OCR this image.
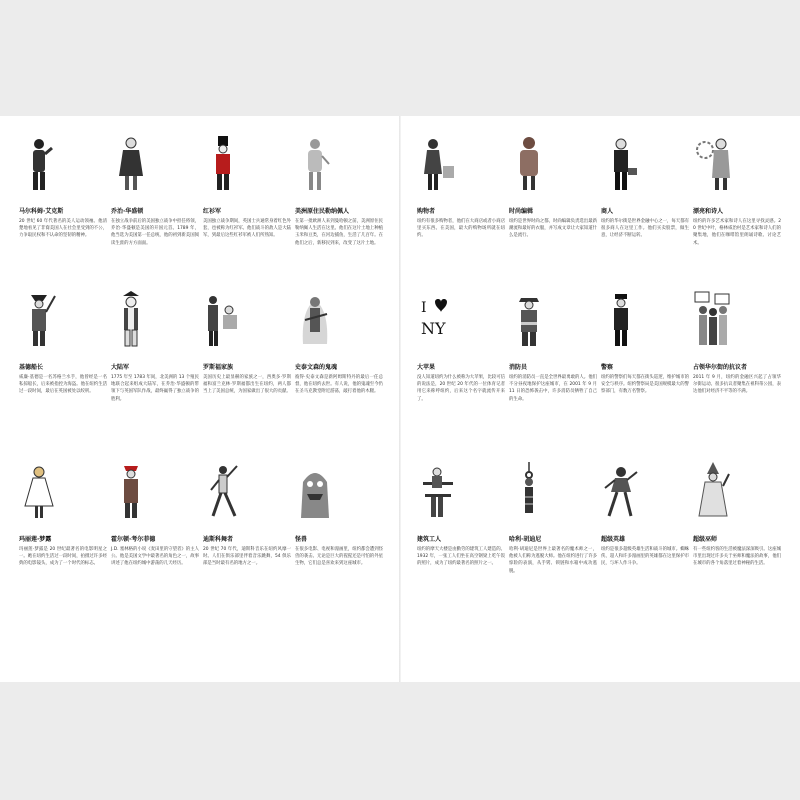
马尔科姆·艾克斯
20 世纪 60 年代著名的美人运动领袖。他清楚地看见了非裔美国人在社会里受到的不公，力争取民权和不认命的坚韧的精神。
乔治·华盛顿
在独立战争前后的美国独立战争中担任将领，乔治·华盛顿是美国的开国元首。1789 年，他当选为美国第一任总统，他的初到新美国阅读生涯的方方面面。
红衫军
美国独立战争期间，英国士兵通常身着红色外套，也被称为红衫军。他们战斗的敌人是大陆军，到最后这些红衫军被人们所熟知。
美洲原住民勒纳佩人
在第一批欧洲人来到曼哈顿之前，美洲原住民勒纳佩人生活在这里。他们在这片土地上种植玉米和豆类，在河边捕鱼，生活了几百年。在他们之后，新移民到来，改变了这片土地。
购物者
纽约有很多购物者，他们在大商店或者小商店里买东西。在美国，最大的购物场所就在纽约。
时尚编辑
纽约是世界时尚之都，时尚编辑负责选出最新潮流和最好的衣服，并写成文章让大家知道什么是流行。
商人
纽约的华尔街是世界金融中心之一，每天都有很多商人在这里工作。他们买卖股票，做生意，让经济不断运转。
漂亮和诗人
纽约的许多艺术家和诗人在这里寻找灵感。20 世纪中叶，格林威治村是艺术家和诗人们的聚集地，他们在咖啡馆里朗诵诗歌、讨论艺术。
基德船长
威廉·基德是一名苏格兰水手，他曾经是一名私掠船长，后来被指控为海盗。他在纽约生活过一段时间，最后在英国被处以绞刑。
大陆军
1775 年至 1783 年间，北美洲的 13 个殖民地联合起来组成大陆军，在乔治·华盛顿的带领下与英国军队作战，最终赢得了独立战争的胜利。
罗斯福家族
美国历史上最显赫的家族之一，西奥多·罗斯福和富兰克林·罗斯福都出生在纽约，两人都当上了美国总统，为国家做出了很大的贡献。
史泰文森的鬼魂
彼得·史泰文森是新阿姆斯特丹的最后一任总督，他在纽约去世。有人说，他的鬼魂至今仍在圣马克教堂附近游荡，敲打着他的木腿。
I
NY
大苹果
没人知道纽约为什么被称为大苹果，比较可信的说法是，20 世纪 20 年代的一位体育记者用它来称呼纽约，后来这个名字就流传开来了。
消防员
纽约的消防员一直是全世界最勇敢的人。他们不分昼夜地保护这座城市，在 2001 年 9 月 11 日的恐怖袭击中，许多消防员牺牲了自己的生命。
警察
纽约的警察们每天都在街头巡逻，维护城市的安全与秩序。纽约警察局是美国规模最大的警察部门，有数万名警察。
占领华尔街的抗议者
2011 年 9 月，纽约的金融区兴起了占领华尔街运动。很多抗议者聚集在祖科蒂公园，表达他们对经济不平等的不满。
玛丽莲·梦露
玛丽莲·梦露是 20 世纪最著名的电影明星之一。她在纽约生活过一段时间，拍摄过许多经典的电影镜头，成为了一个时代的标志。
霍尔顿·考尔菲德
J.D. 塞林格的小说《麦田里的守望者》的主人公。他是美国文学中最著名的角色之一，故事讲述了他在纽约城中游荡的几天经历。
迪斯科舞者
20 世纪 70 年代，迪斯科音乐在纽约风靡一时。人们在俱乐部里伴着音乐跳舞，54 俱乐部是当时最有名的地方之一。
怪兽
在很多电影、电视和漫画里，纽约都会遭到怪兽的袭击。无论是巨大的猩猩还是可怕的外星生物，它们总是喜欢来到这座城市。
建筑工人
纽约的摩天大楼是由勤劳的建筑工人建造的。1932 年，一张工人们坐在高空钢梁上吃午饭的照片，成为了纽约最著名的照片之一。
哈利·胡迪尼
哈利·胡迪尼是世界上最著名的魔术师之一，他被人们称为逃脱大师。他在纽约进行了许多惊险的表演，从手铐、锁链和水箱中成功逃脱。
超级英雄
纽约是很多超级英雄生活和战斗的城市。蜘蛛侠、超人和许多漫画里的英雄都在这里保护市民，与坏人作斗争。
超级巫师
有一些纽约客的生活被魔法深深吸引。这座城市里出现过许多关于巫师和魔法的故事，他们在城市的各个角落里过着神秘的生活。
